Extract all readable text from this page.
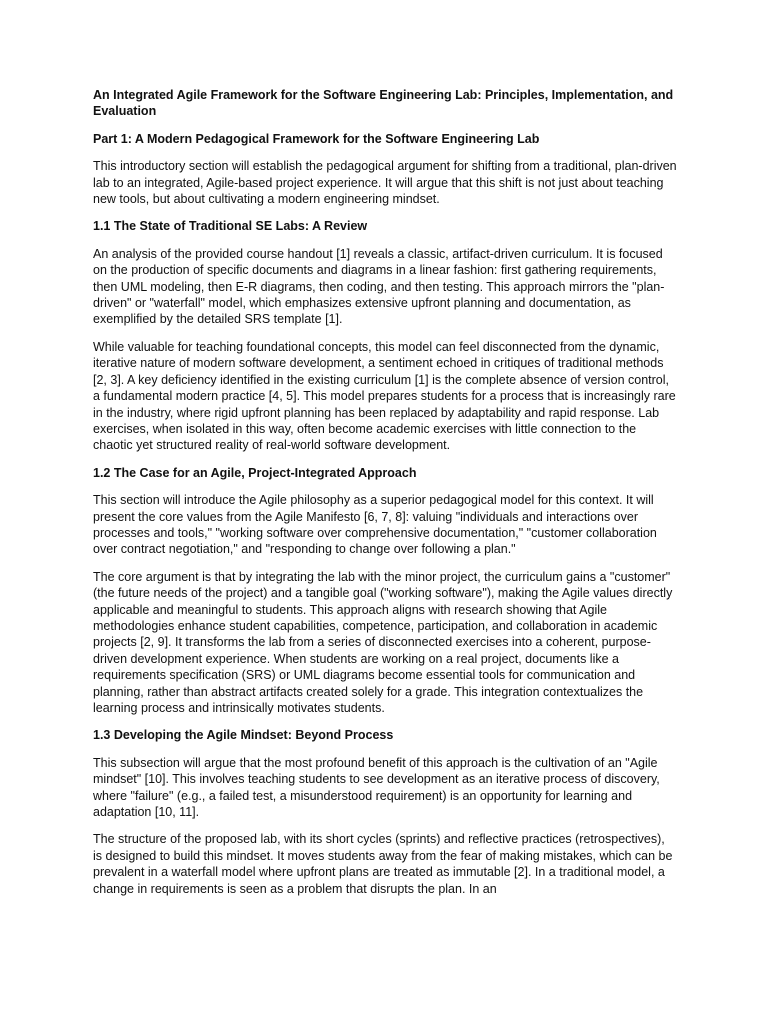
An Integrated Agile Framework for the Software Engineering Lab: Principles, Implementation, and Evaluation
Part 1: A Modern Pedagogical Framework for the Software Engineering Lab

This introductory section will establish the pedagogical argument for shifting from a traditional, plan-driven lab to an integrated, Agile-based project experience. It will argue that this shift is not just about teaching new tools, but about cultivating a modern engineering mindset.

1.1 The State of Traditional SE Labs: A Review

An analysis of the provided course handout [1] reveals a classic, artifact-driven curriculum. It is focused on the production of specific documents and diagrams in a linear fashion: first gathering requirements, then UML modeling, then E-R diagrams, then coding, and then testing. This approach mirrors the "plan-driven" or "waterfall" model, which emphasizes extensive upfront planning and documentation, as exemplified by the detailed SRS template [1].

While valuable for teaching foundational concepts, this model can feel disconnected from the dynamic, iterative nature of modern software development, a sentiment echoed in critiques of traditional methods [2, 3]. A key deficiency identified in the existing curriculum [1] is the complete absence of version control, a fundamental modern practice [4, 5]. This model prepares students for a process that is increasingly rare in the industry, where rigid upfront planning has been replaced by adaptability and rapid response. Lab exercises, when isolated in this way, often become academic exercises with little connection to the chaotic yet structured reality of real-world software development.

1.2 The Case for an Agile, Project-Integrated Approach

This section will introduce the Agile philosophy as a superior pedagogical model for this context. It will present the core values from the Agile Manifesto [6, 7, 8]: valuing "individuals and interactions over processes and tools," "working software over comprehensive documentation," "customer collaboration over contract negotiation," and "responding to change over following a plan."

The core argument is that by integrating the lab with the minor project, the curriculum gains a "customer" (the future needs of the project) and a tangible goal ("working software"), making the Agile values directly applicable and meaningful to students. This approach aligns with research showing that Agile methodologies enhance student capabilities, competence, participation, and collaboration in academic projects [2, 9]. It transforms the lab from a series of disconnected exercises into a coherent, purpose-driven development experience. When students are working on a real project, documents like a requirements specification (SRS) or UML diagrams become essential tools for communication and planning, rather than abstract artifacts created solely for a grade. This integration contextualizes the learning process and intrinsically motivates students.

1.3 Developing the Agile Mindset: Beyond Process

This subsection will argue that the most profound benefit of this approach is the cultivation of an "Agile mindset" [10]. This involves teaching students to see development as an iterative process of discovery, where "failure" (e.g., a failed test, a misunderstood requirement) is an opportunity for learning and adaptation [10, 11].

The structure of the proposed lab, with its short cycles (sprints) and reflective practices (retrospectives), is designed to build this mindset. It moves students away from the fear of making mistakes, which can be prevalent in a waterfall model where upfront plans are treated as immutable [2]. In a traditional model, a change in requirements is seen as a problem that disrupts the plan. In an
